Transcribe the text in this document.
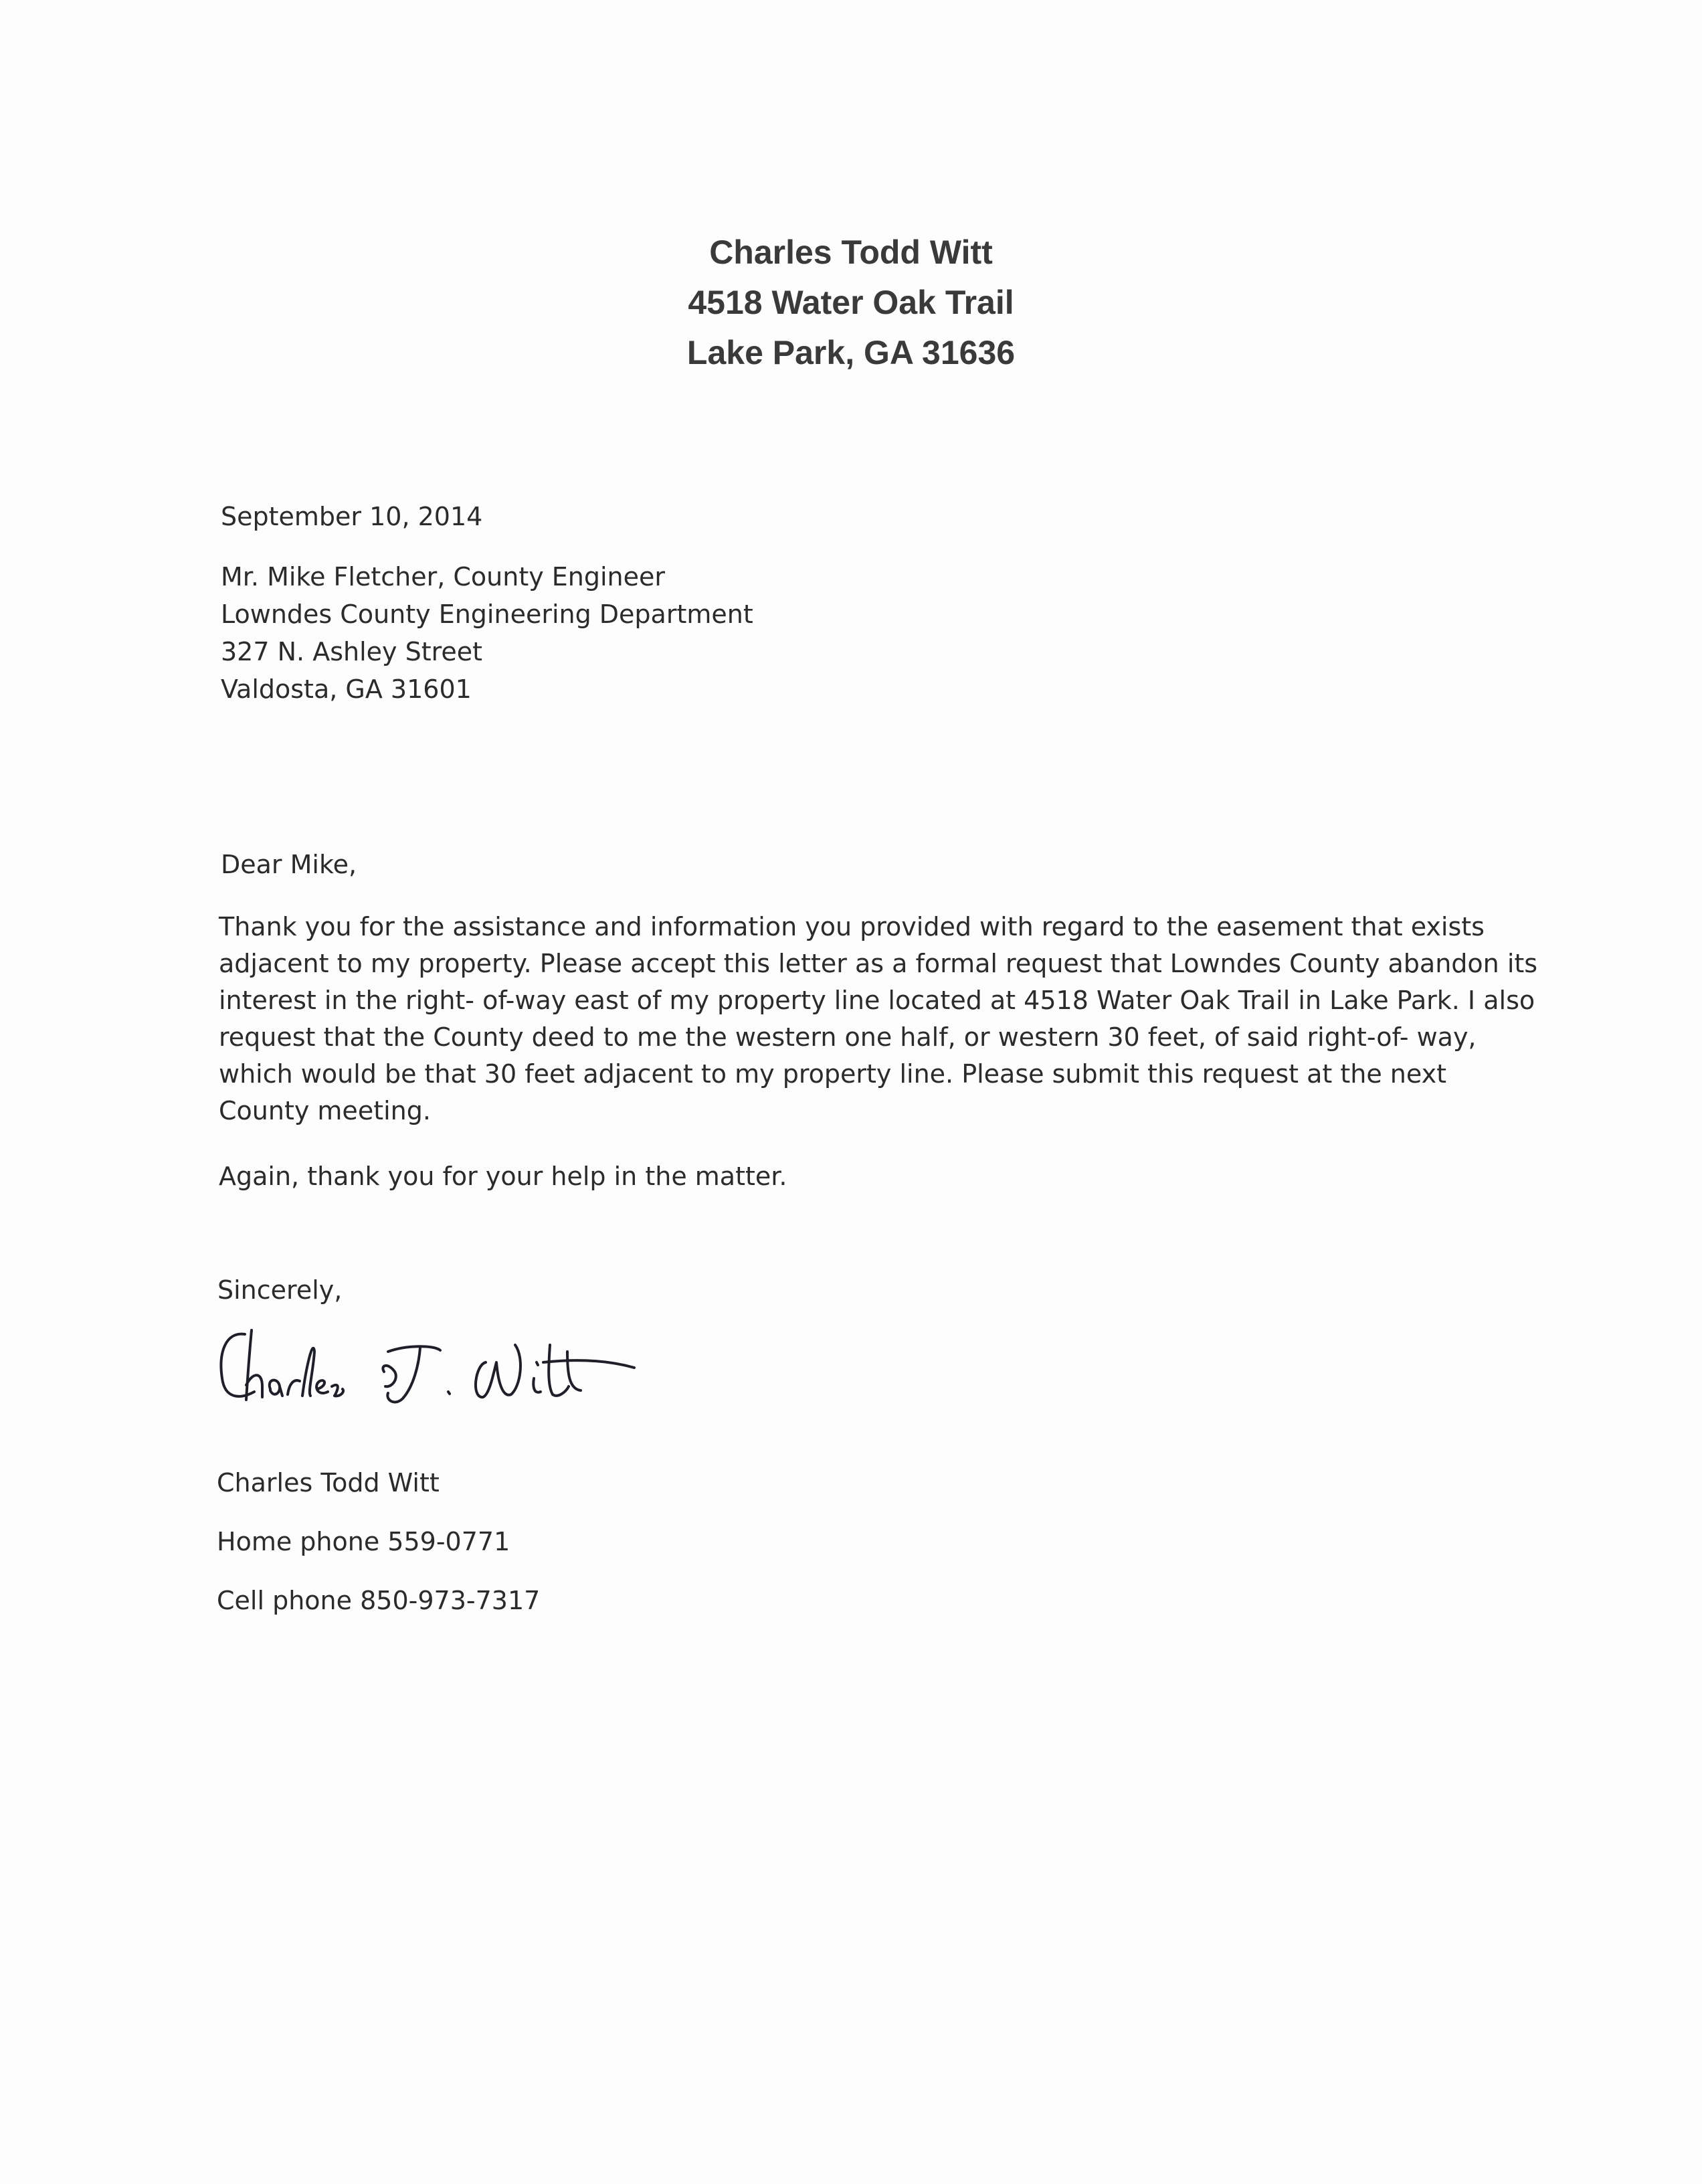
Charles Todd Witt
4518 Water Oak Trail
Lake Park, GA 31636
September 10, 2014
Mr. Mike Fletcher, County Engineer
Lowndes County Engineering Department
327 N. Ashley Street
Valdosta, GA 31601
Dear Mike,
Thank you for the assistance and information you provided with regard to the easement that exists
adjacent to my property. Please accept this letter as a formal request that Lowndes County abandon its
interest in the right- of-way east of my property line located at 4518 Water Oak Trail in Lake Park. I also
request that the County deed to me the western one half, or western 30 feet, of said right-of- way,
which would be that 30 feet adjacent to my property line. Please submit this request at the next
County meeting.
Again, thank you for your help in the matter.
Sincerely,
Charles Todd Witt
Home phone 559-0771
Cell phone 850-973-7317
